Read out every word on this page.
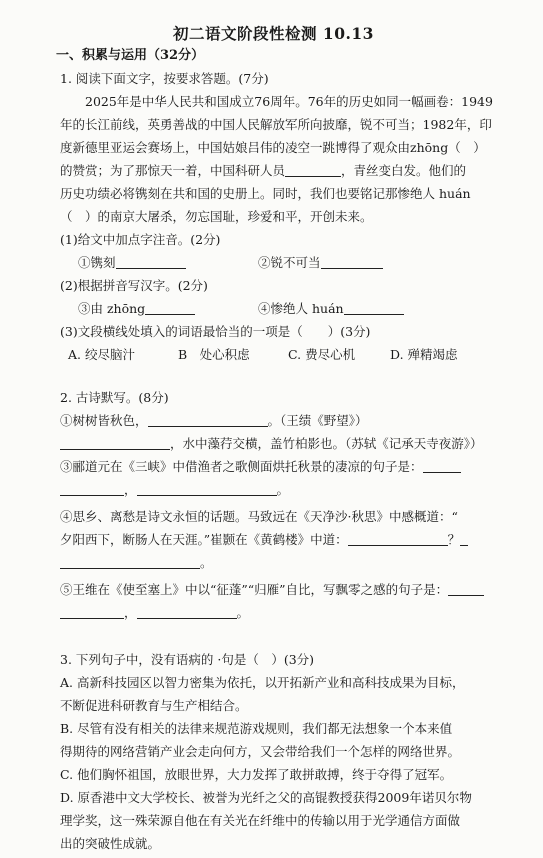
初二语文阶段性检测 10.13
一、积累与运用（32分）
1. 阅读下面文字，按要求答题。(7分)
2025年是中华人民共和国成立76周年。76年的历史如同一幅画卷：1949
年的长江前线，英勇善战的中国人民解放军所向披靡，锐不可当；1982年，印
度新德里亚运会赛场上，中国姑娘吕伟的凌空一跳博得了观众由zhōng（　）
的赞赏；为了那惊天一着，中国科研人员	，青丝变白发。他们的
历史功绩必将镌刻在共和国的史册上。同时，我们也要铭记那惨绝人 huán
（　）的南京大屠杀，勿忘国耻，珍爱和平，开创未来。
(1)给文中加点字注音。(2分)
①镌刻	②锐不可当
(2)根据拼音写汉字。(2分)
③由 zhōng	④惨绝人 huán
(3)文段横线处填入的词语最恰当的一项是（　　）(3分)
A. 绞尽脑汁	B　处心积虑	C. 费尽心机	D. 殚精竭虑
2. 古诗默写。(8分)
①树树皆秋色，	。（王绩《野望》）
，水中藻荇交横，盖竹柏影也。（苏轼《记承天寺夜游》）
③郦道元在《三峡》中借渔者之歌侧面烘托秋景的凄凉的句子是：
，	。
④思乡、离愁是诗文永恒的话题。马致远在《天净沙·秋思》中感概道：“
夕阳西下，断肠人在天涯。”崔颢在《黄鹤楼》中道：	？
。
⑤王维在《使至塞上》中以“征蓬”“归雁”自比，写飘零之感的句子是：
，	。
3. 下列句子中，没有语病的 ·句是（　）(3分)
A. 高新科技园区以智力密集为依托，以开拓新产业和高科技成果为目标，
不断促进科研教育与生产相结合。
B. 尽管有没有相关的法律来规范游戏规则，我们都无法想象一个本来值
得期待的网络营销产业会走向何方，又会带给我们一个怎样的网络世界。
C. 他们胸怀祖国，放眼世界，大力发挥了敢拼敢搏，终于夺得了冠军。
D. 原香港中文大学校长、被誉为光纤之父的高锟教授获得2009年诺贝尔物
理学奖，这一殊荣源自他在有关光在纤维中的传输以用于光学通信方面做
出的突破性成就。
